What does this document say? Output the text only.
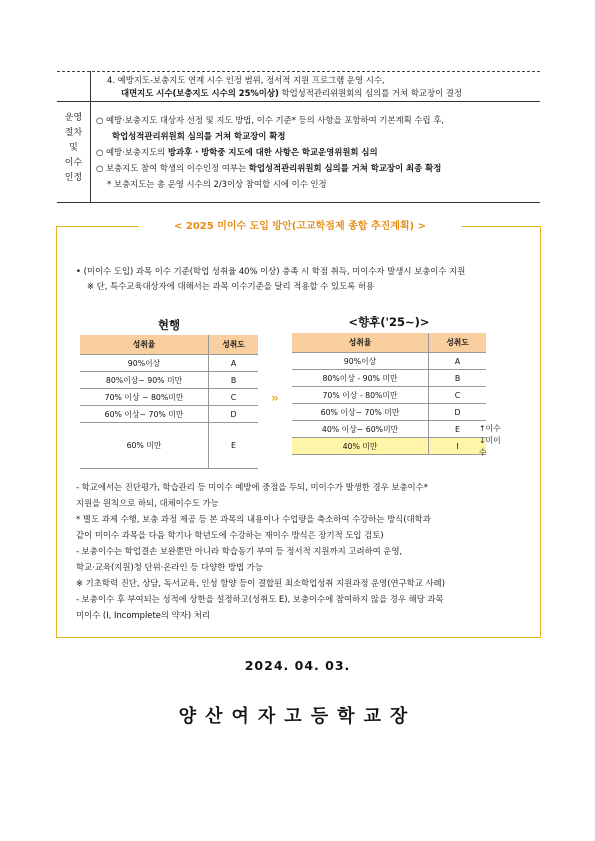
4. 예방지도-보충지도 연계 시수 인정 범위, 정서적 지원 프로그램 운영 시수,
대면지도 시수(보충지도 시수의 25%이상) 학업성적관리위원회의 심의를 거쳐 학교장이 결정
운영
절차
및
이수
인정
○ 예방·보충지도 대상자 선정 및 지도 방법, 이수 기준* 등의 사항을 포함하여 기본계획 수립 후,
학업성적관리위원회 심의를 거쳐 학교장이 확정
○ 예방·보충지도의 방과후 · 방학중 지도에 대한 사항은 학교운영위원회 심의
○ 보충지도 참여 학생의 이수인정 여부는 학업성적관리위원회 심의를 거쳐 학교장이 최종 확정
* 보충지도는 총 운영 시수의 2/3이상 참여할 시에 이수 인정
< 2025 미이수 도입 방안(고교학점제 종합 추진계획) >
• (미이수 도입) 과목 이수 기준(학업 성취율 40% 이상) 충족 시 학점 취득, 미이수자 발생시 보충이수 지원
※ 단, 특수교육대상자에 대해서는 과목 이수기준을 달리 적용할 수 있도록 허용
현행	<향후('25~)>
성취율	성취도
90%이상	A
80%이상~ 90% 미만	B
70% 이상 ~ 80%미만	C
60% 이상~ 70% 미만	D
60% 미만	E
»
성취율	성취도
90%이상	A
80%이상 - 90% 미만	B
70% 이상 - 80%미만	C
60% 이상~ 70% 미만	D
40% 이상~ 60%미만	E
40% 미만	I
↑이수
↓미이
수
- 학교에서는 진단평가, 학습관리 등 미이수 예방에 중점을 두되, 미이수가 발생한 경우 보충이수*
지원을 원칙으로 하되, 대체이수도 가능
* 별도 과제 수행, 보충 과정 제공 등 본 과목의 내용이나 수업량을 축소하여 수강하는 방식(대학과
같이 미이수 과목을 다음 학기나 학년도에 수강하는 재이수 방식은 장기적 도입 검토)
- 보충이수는 학업결손 보완뿐만 아니라 학습동기 부여 등 정서적 지원까지 고려하여 운영,
학교·교육(지원)청 단위·온라인 등 다양한 방법 가능
※ 기초학력 진단, 상담, 독서교육, 인성 함양 등이 결합된 최소학업성취 지원과정 운영(연구학교 사례)
- 보충이수 후 부여되는 성적에 상한을 설정하고(성취도 E), 보충이수에 참여하지 않을 경우 해당 과목
미이수 (I, Incomplete의 약자) 처리
2024. 04. 03.
양산여자고등학교장
